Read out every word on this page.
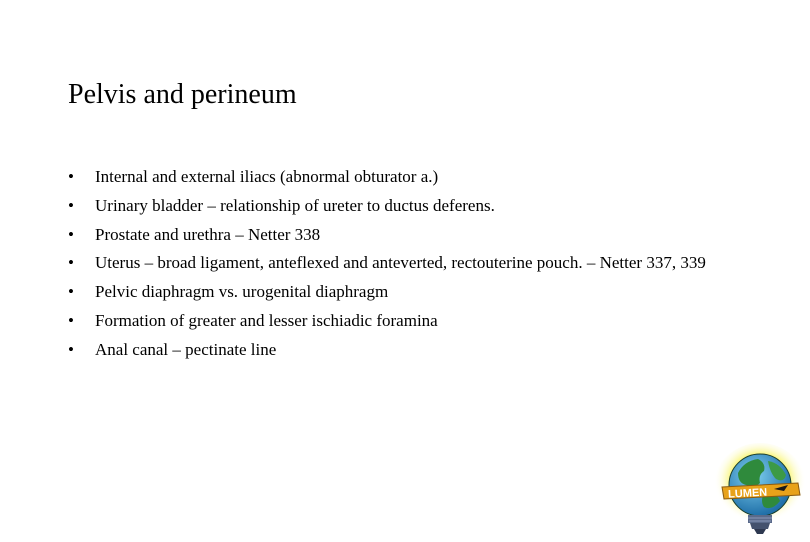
Pelvis and perineum
• Internal and external iliacs (abnormal obturator a.)
• Urinary bladder – relationship of ureter to ductus deferens.
• Prostate and urethra – Netter 338
• Uterus – broad ligament, anteflexed and anteverted, rectouterine pouch. – Netter 337, 339
• Pelvic diaphragm vs. urogenital diaphragm
• Formation of greater and lesser ischiadic foramina
• Anal canal – pectinate line
LUMEN
